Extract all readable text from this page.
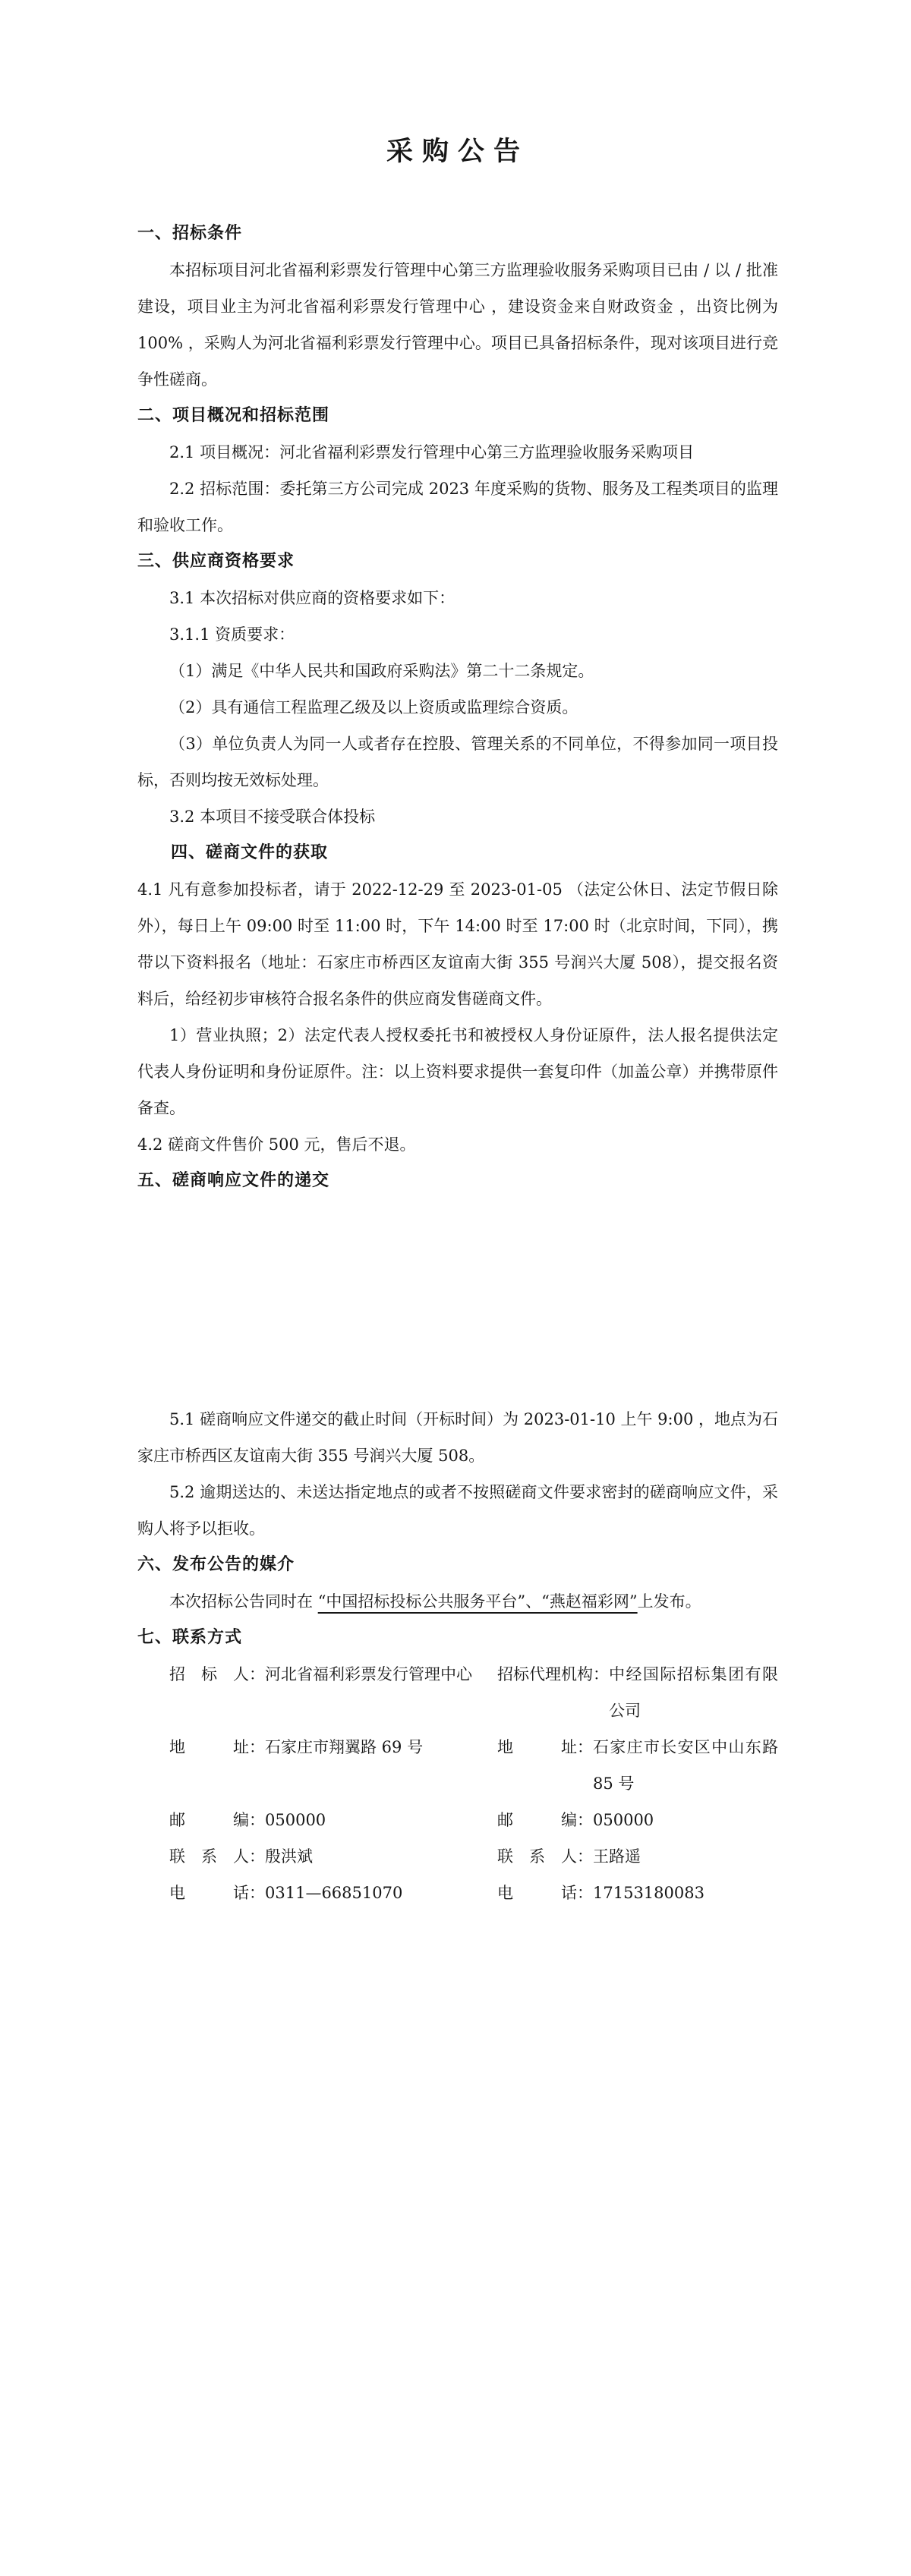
采购公告
一、招标条件

本招标项目河北省福利彩票发行管理中心第三方监理验收服务采购项目已由 / 以 / 批准建设，项目业主为河北省福利彩票发行管理中心 ，建设资金来自财政资金 ，出资比例为 100% ，采购人为河北省福利彩票发行管理中心。项目已具备招标条件，现对该项目进行竞争性磋商。

二、项目概况和招标范围

2.1 项目概况：河北省福利彩票发行管理中心第三方监理验收服务采购项目

2.2 招标范围：委托第三方公司完成 2023 年度采购的货物、服务及工程类项目的监理和验收工作。

三、供应商资格要求

3.1 本次招标对供应商的资格要求如下：

3.1.1 资质要求：

（1）满足《中华人民共和国政府采购法》第二十二条规定。

（2）具有通信工程监理乙级及以上资质或监理综合资质。

（3）单位负责人为同一人或者存在控股、管理关系的不同单位，不得参加同一项目投标，否则均按无效标处理。

3.2 本项目不接受联合体投标

四、磋商文件的获取

4.1 凡有意参加投标者，请于 2022-12-29 至 2023-01-05 （法定公休日、法定节假日除外），每日上午 09:00 时至 11:00 时，下午 14:00 时至 17:00 时（北京时间，下同），携带以下资料报名（地址：石家庄市桥西区友谊南大街 355 号润兴大厦 508），提交报名资料后，给经初步审核符合报名条件的供应商发售磋商文件。

1）营业执照；2）法定代表人授权委托书和被授权人身份证原件，法人报名提供法定代表人身份证明和身份证原件。注：以上资料要求提供一套复印件（加盖公章）并携带原件备查。

4.2 磋商文件售价 500 元，售后不退。

五、磋商响应文件的递交

5.1 磋商响应文件递交的截止时间（开标时间）为 2023-01-10 上午 9:00 ，地点为石家庄市桥西区友谊南大街 355 号润兴大厦 508。

5.2 逾期送达的、未送达指定地点的或者不按照磋商文件要求密封的磋商响应文件，采购人将予以拒收。

六、发布公告的媒介

本次招标公告同时在 “中国招标投标公共服务平台”、“燕赵福彩网”上发布。

七、联系方式
招　标　人： 河北省福利彩票发行管理中心	招标代理机构： 中经国际招标集团有限公司
地　　　址： 石家庄市翔翼路 69 号	地　　　址： 石家庄市长安区中山东路 85 号
邮　　　编： 050000	邮　　　编： 050000
联　系　人： 殷洪斌	联　系　人： 王路遥
电　　　话： 0311—66851070	电　　　话： 17153180083
